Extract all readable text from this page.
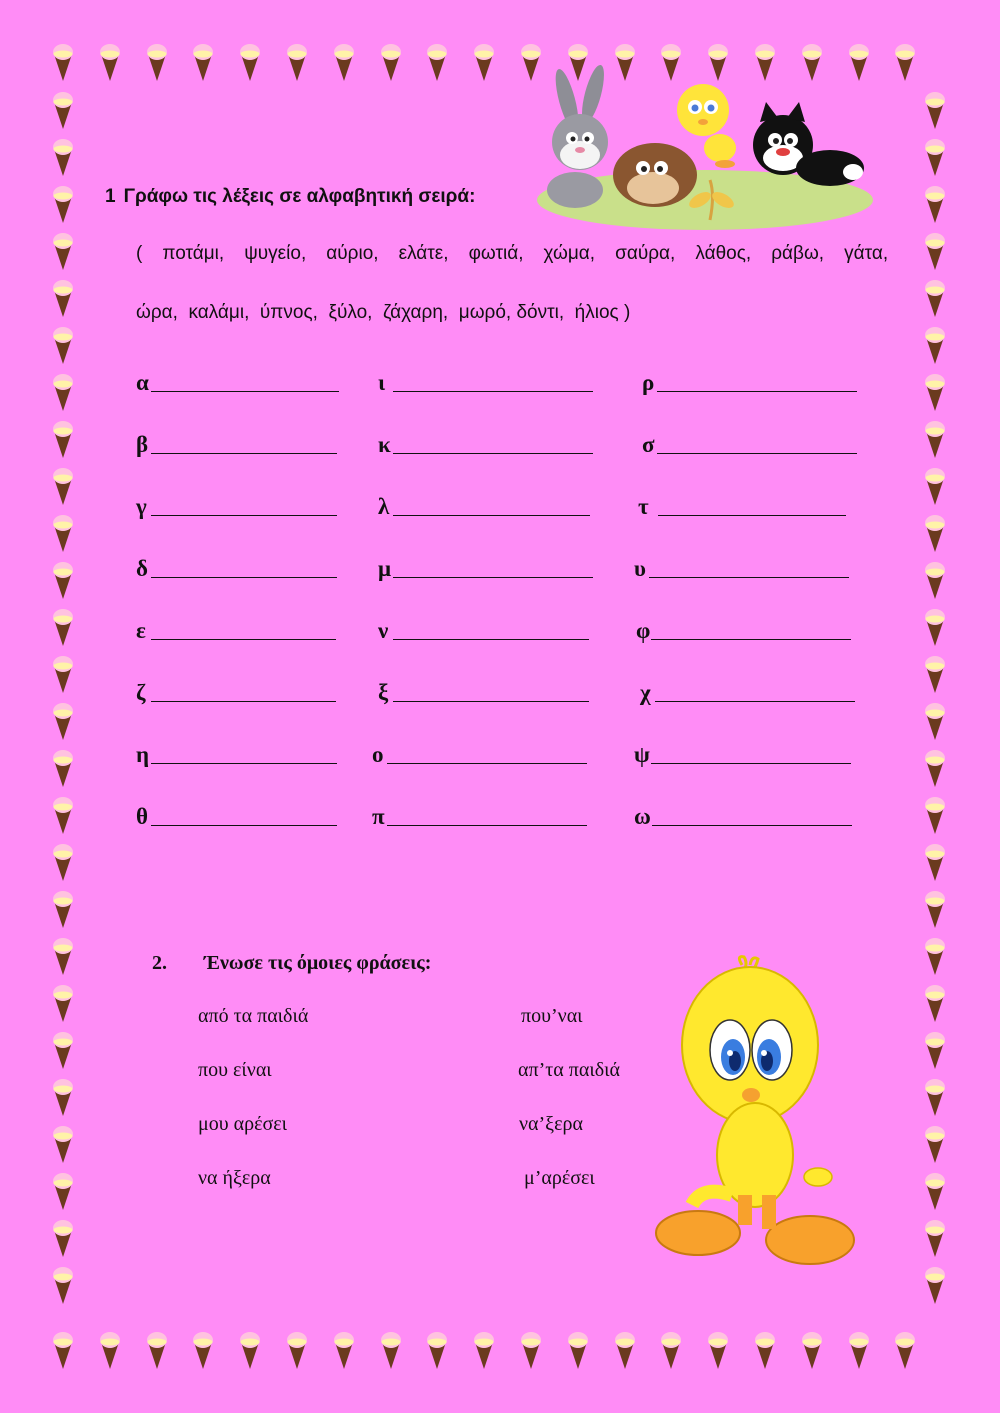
1 Γράφω τις λέξεις σε αλφαβητική σειρά:
( ποτάμι, ψυγείο, αύριο, ελάτε, φωτιά, χώμα, σαύρα, λάθος, ράβω, γάτα,
ώρα,  καλάμι,  ύπνος,  ξύλο,  ζάχαρη,  μωρό, δόντι,  ήλιος )
α
β
γ
δ
ε
ζ
η
θ
ι
κ
λ
μ
ν
ξ
ο
π
ρ
σ
τ
υ
φ
χ
ψ
ω
2. Ένωσε τις όμοιες φράσεις:
από τα παιδιά
που είναι
μου αρέσει
να ήξερα
που’ναι
απ’τα παιδιά
να’ξερα
μ’αρέσει
